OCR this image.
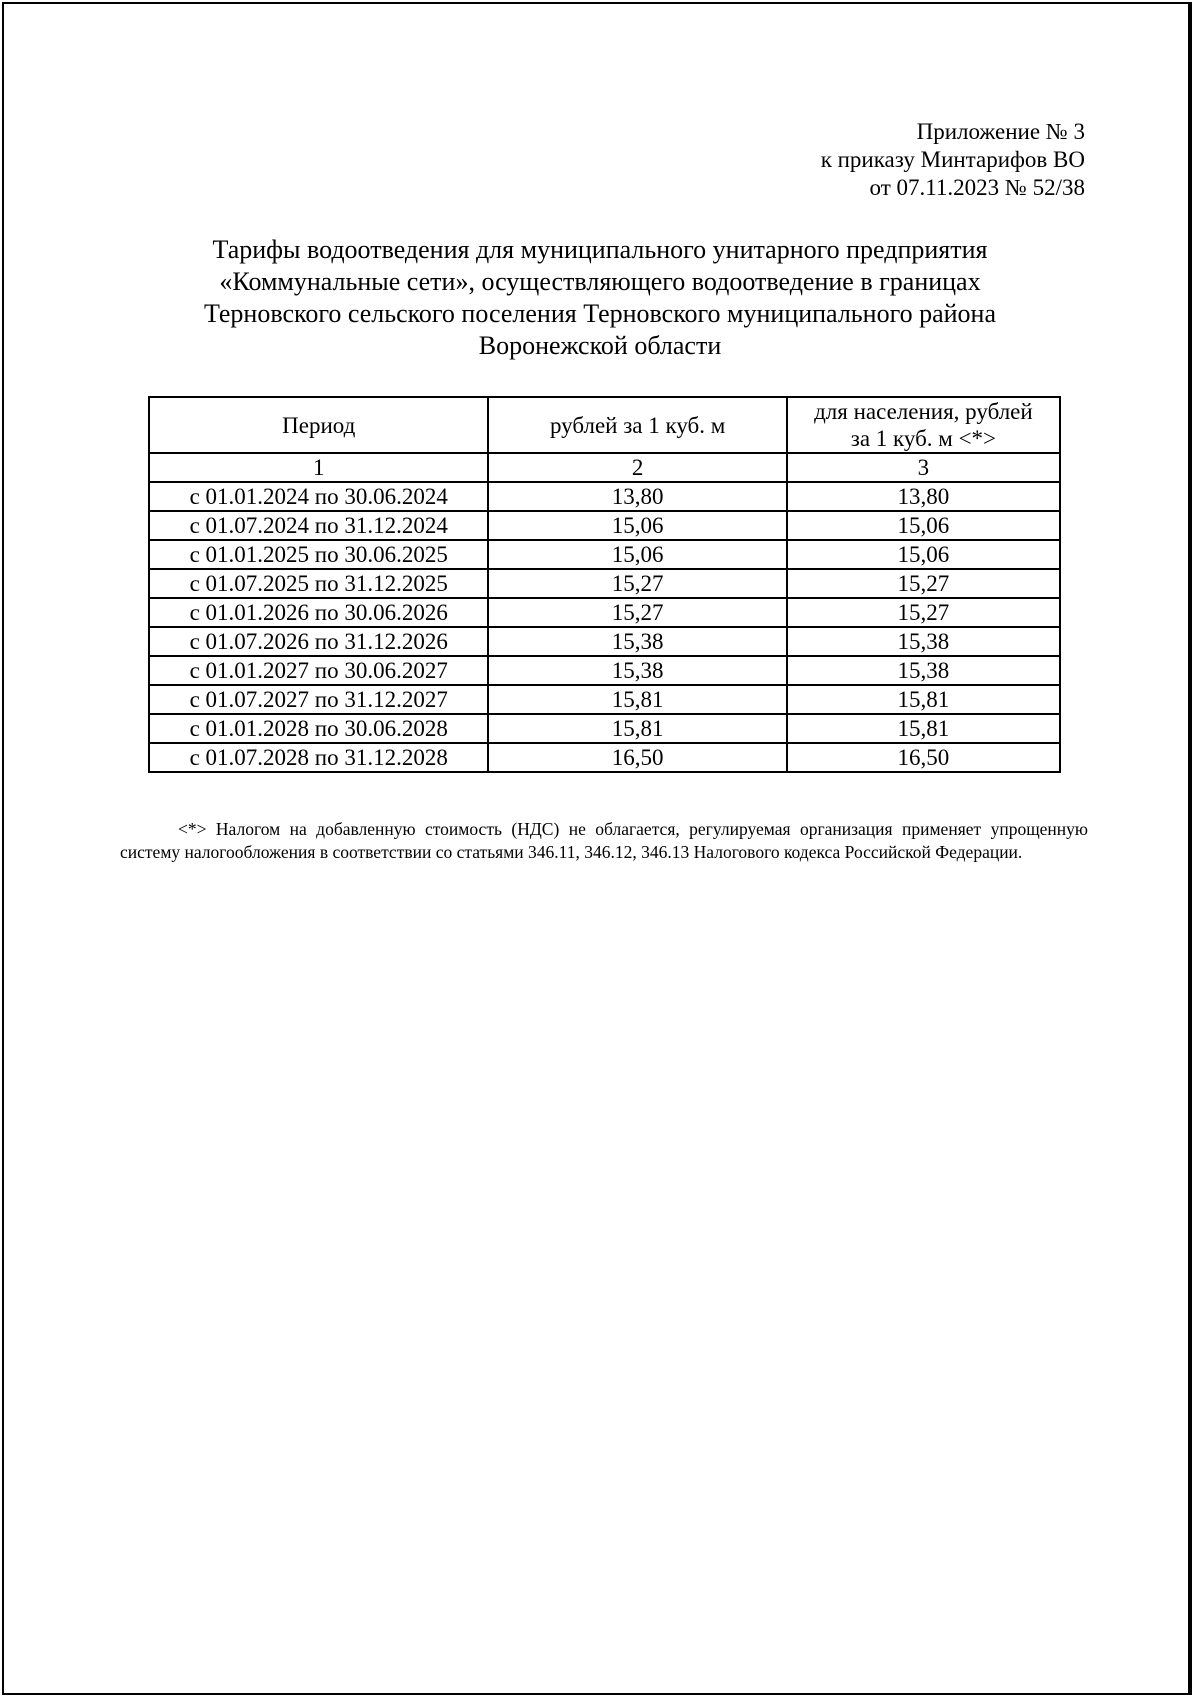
Приложение № 3
к приказу Минтарифов ВО
от 07.11.2023 № 52/38
Тарифы водоотведения для муниципального унитарного предприятия
«Коммунальные сети», осуществляющего водоотведение в границах
Терновского сельского поселения Терновского муниципального района
Воронежской области
Период	рублей за 1 куб. м	для населения, рублей
за 1 куб. м <*>

1	2	3
с 01.01.2024 по 30.06.2024	13,80	13,80
с 01.07.2024 по 31.12.2024	15,06	15,06
с 01.01.2025 по 30.06.2025	15,06	15,06
с 01.07.2025 по 31.12.2025	15,27	15,27
с 01.01.2026 по 30.06.2026	15,27	15,27
с 01.07.2026 по 31.12.2026	15,38	15,38
с 01.01.2027 по 30.06.2027	15,38	15,38
с 01.07.2027 по 31.12.2027	15,81	15,81
с 01.01.2028 по 30.06.2028	15,81	15,81
с 01.07.2028 по 31.12.2028	16,50	16,50

<*> Налогом на добавленную стоимость (НДС) не облагается, регулируемая организация применяет упрощенную систему налогообложения в соответствии со статьями 346.11, 346.12, 346.13 Налогового кодекса Российской Федерации.
